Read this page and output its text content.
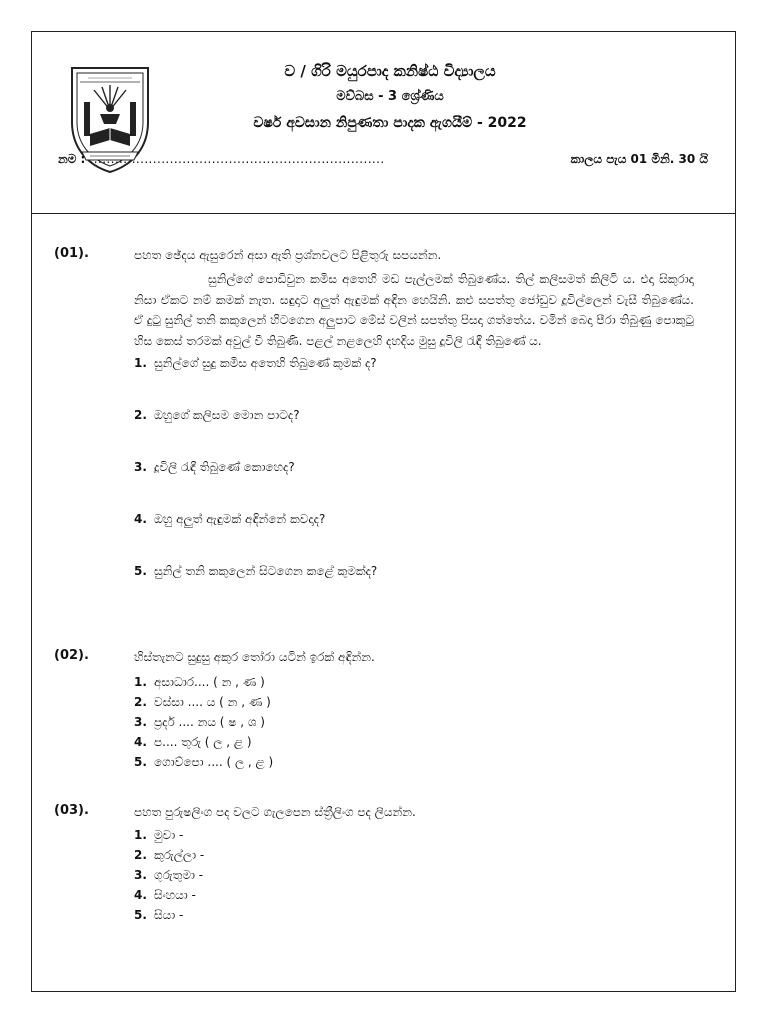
ව / ගිරි මයුරපාද කනිෂ්ඨ විද්‍යාලය
මව්බස - 3 ශ්‍රේණිය
වර්ෂ අවසාන නිපුණතා පාදක ඇගයීම් - 2022
නම : ......................................................................	කාලය පැය 01 මිනි. 30 යි
(01).	පහත ඡේදය ඇසුරෙන් අසා ඇති ප්‍රශ්නවලට පිළිතුරු සපයන්න.
සුනිල්ගේ පොඩිවුන කමිස අතෙහි මඩ පැල්ලමක් තිබුණේය. තිල් කලිසමත් කිලිටි ය. එදා සිකුරාදා නිසා ඒකට නම් කමක් නැත. සඳුදාට අලුත් ඇඳුමක් අඳින හෙයිනි. කළු සපත්තු ජෝඩුව දූවිල්ලෙන් වැසී තිබුණේය. ඒ දුටු සුනිල් තනි කකුලෙන් හිටගෙන අලුපාට මේස් වලින් සපත්තු පිසදා ගත්තේය. වමින් බෙදා පීරා තිබුණු පොකුටු හිස කෙස් තරමක් අවුල් වී තිබුණි. පළල් නළලෙහි දහදිය මුසු දූවිලි රැඳී තිබුණේ ය.
1. සුනිල්ගේ සුදු කමිස අතෙහි තිබුණේ කුමක් ද?
2. ඔහුගේ කලිසම මොන පාටද?
3. දූවිලි රැඳී තිබුණේ කොහෙද?
4. ඔහු අලුත් ඇඳුමක් අඳින්නේ කවදාද?
5. සුනිල් තනි කකුලෙන් සිටගෙන කළේ කුමක්ද?
(02).	හිස්තැනට සුදුසු අකුර තෝරා යටින් ඉරක් අඳින්න.
1. අසාධාර.... ( න , ණ )
2. වස්සා .... ය ( න , ණ )
3. ප්‍රදර් .... නය ( ෂ , ශ )
4. ප.... තුරු ( ල , ළ )
5. ගොව්පො .... ( ල , ළ )
(03).	පහත පුරුෂලිංග පද වලට ගැලපෙන ස්ත්‍රීලිංග පද ලියන්න.
1. මුවා -
2. කුරුල්ලා -
3. ගුරුතුමා -
4. සිංහයා -
5. සියා -
